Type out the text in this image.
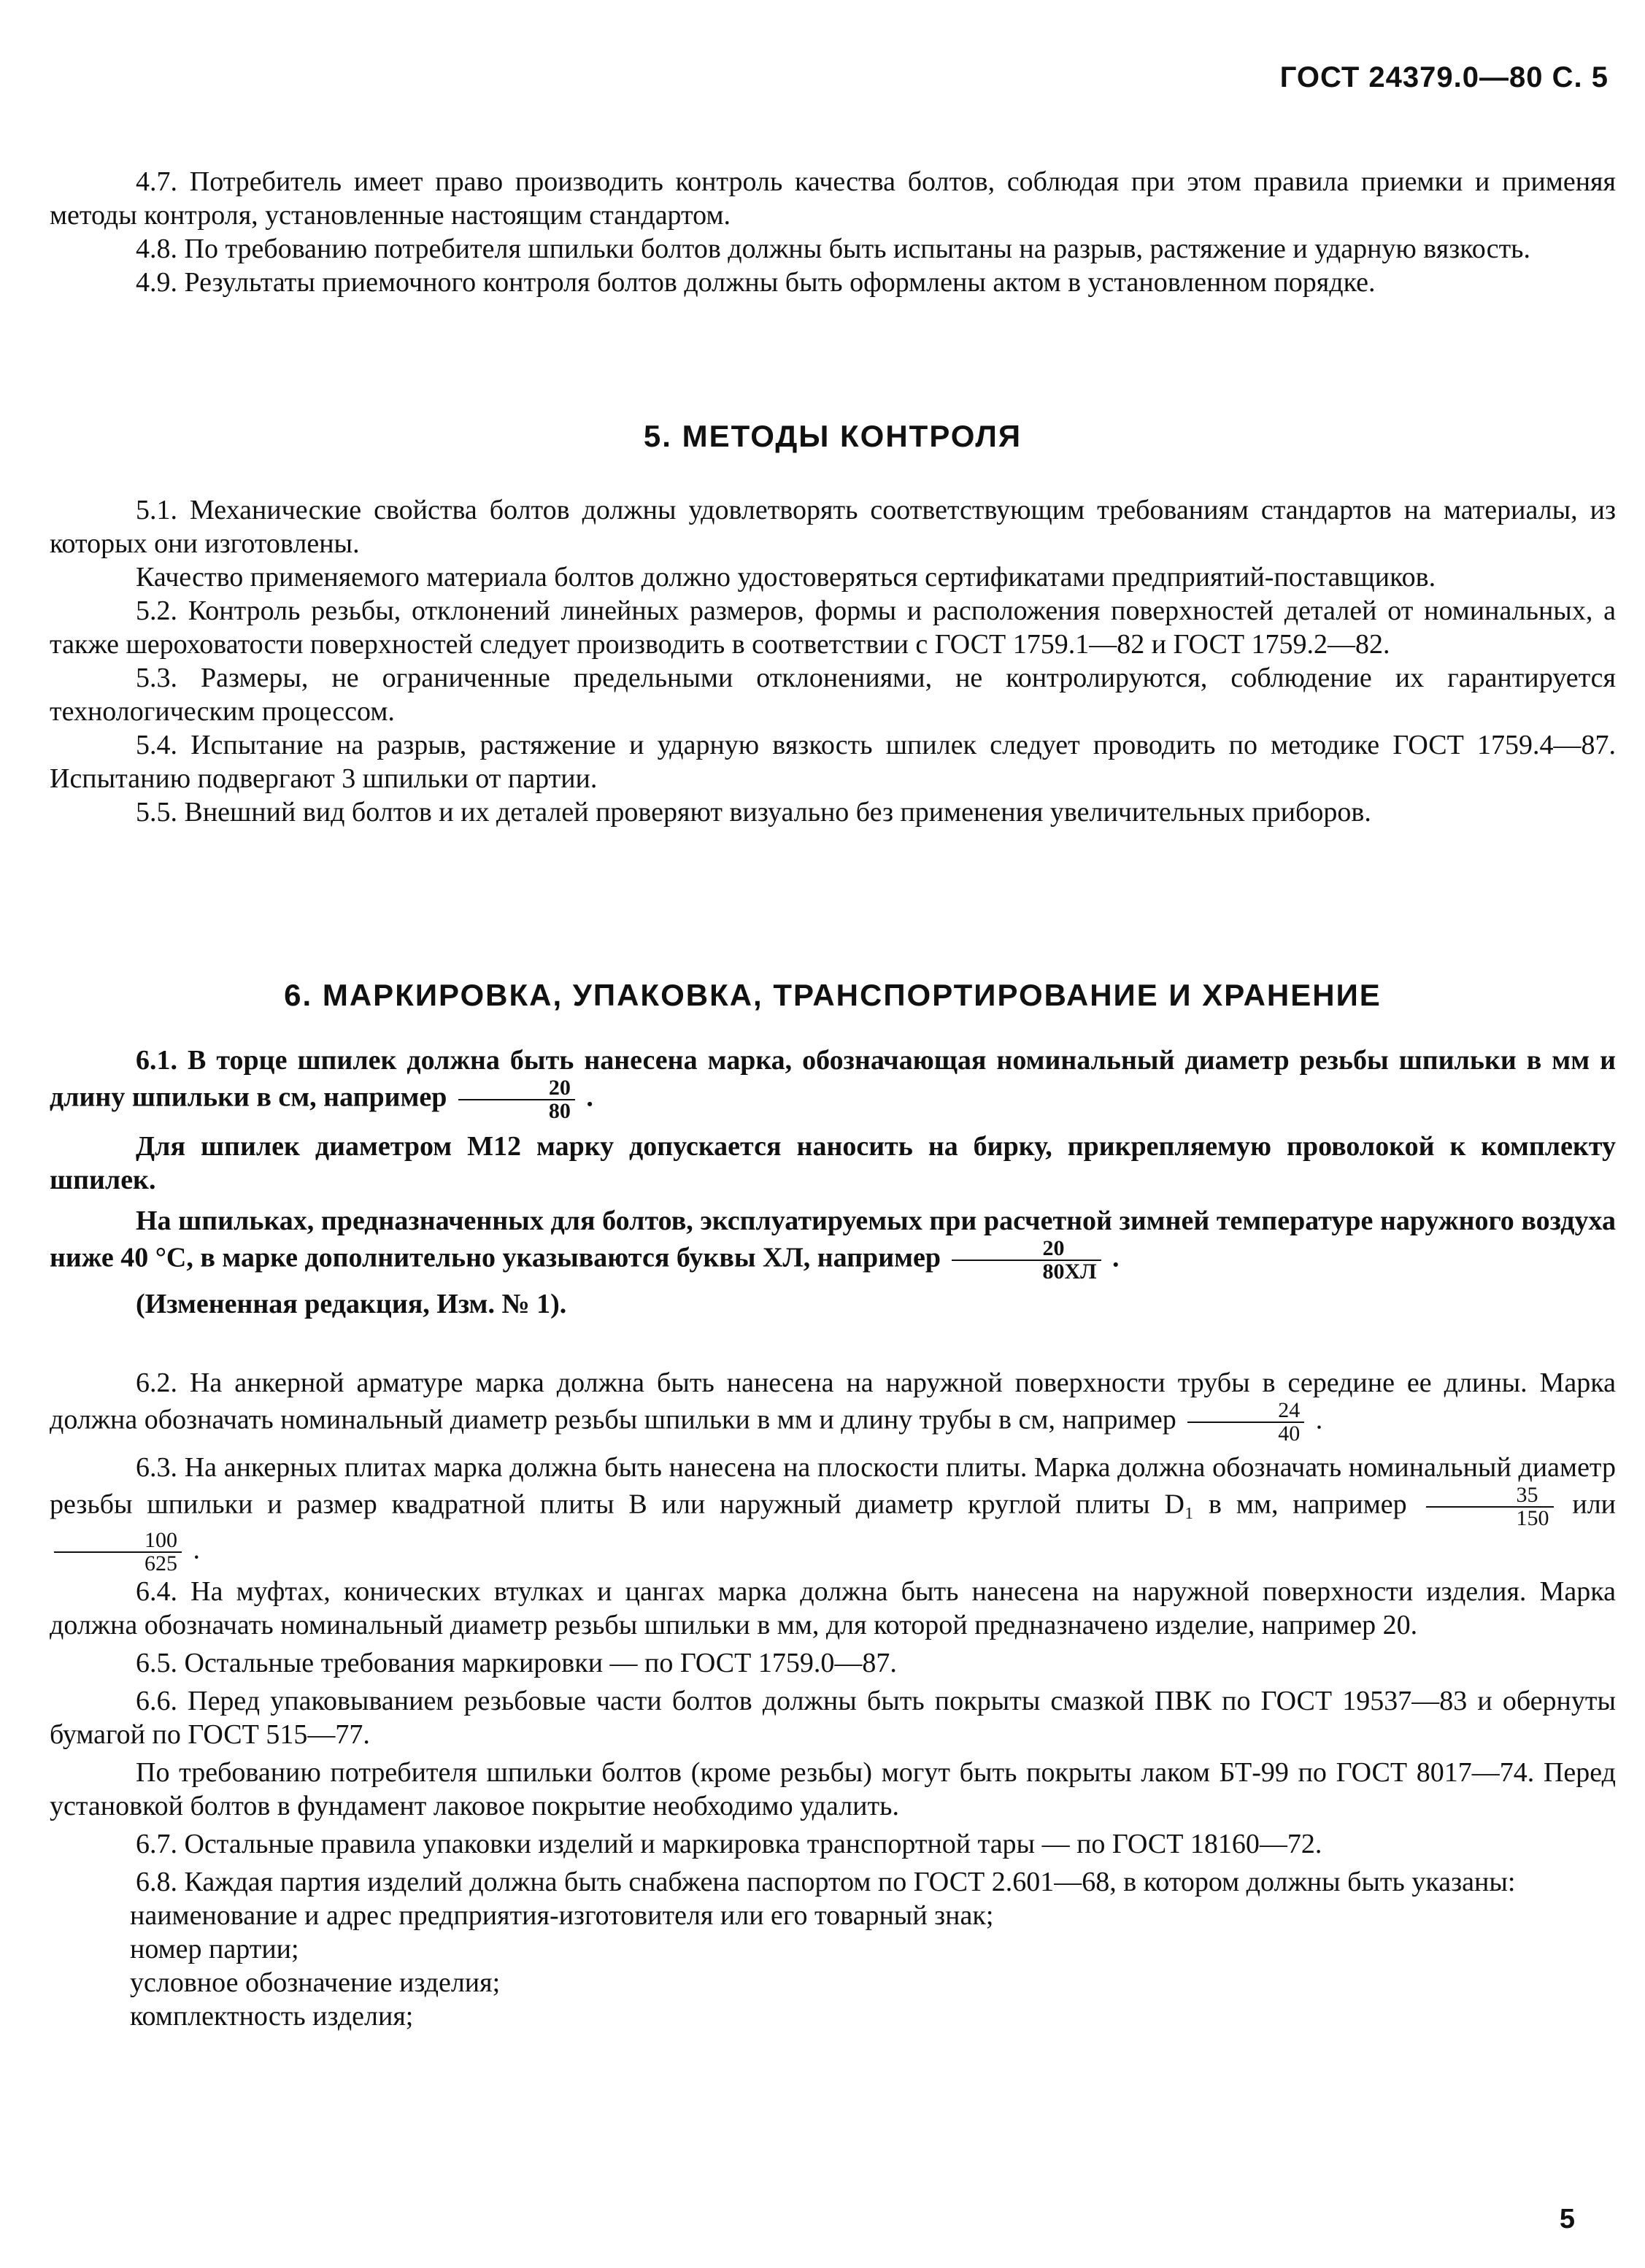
ГОСТ 24379.0—80 С. 5

4.7. Потребитель имеет право производить контроль качества болтов, соблюдая при этом правила приемки и применяя методы контроля, установленные настоящим стандартом.

4.8. По требованию потребителя шпильки болтов должны быть испытаны на разрыв, растяжение и ударную вязкость.

4.9. Результаты приемочного контроля болтов должны быть оформлены актом в установленном порядке.

5. МЕТОДЫ КОНТРОЛЯ

5.1. Механические свойства болтов должны удовлетворять соответствующим требованиям стандартов на материалы, из которых они изготовлены.

Качество применяемого материала болтов должно удостоверяться сертификатами предприятий-поставщиков.

5.2. Контроль резьбы, отклонений линейных размеров, формы и расположения поверхностей деталей от номинальных, а также шероховатости поверхностей следует производить в соответствии с ГОСТ 1759.1—82 и ГОСТ 1759.2—82.

5.3. Размеры, не ограниченные предельными отклонениями, не контролируются, соблюдение их гарантируется технологическим процессом.

5.4. Испытание на разрыв, растяжение и ударную вязкость шпилек следует проводить по методике ГОСТ 1759.4—87. Испытанию подвергают 3 шпильки от партии.

5.5. Внешний вид болтов и их деталей проверяют визуально без применения увеличительных приборов.

6. МАРКИРОВКА, УПАКОВКА, ТРАНСПОРТИРОВАНИЕ И ХРАНЕНИЕ

6.1. В торце шпилек должна быть нанесена марка, обозначающая номинальный диаметр резьбы шпильки в мм и длину шпильки в см, например $\frac{20}{80}$ .

Для шпилек диаметром М12 марку допускается наносить на бирку, прикрепляемую проволокой к комплекту шпилек.

На шпильках, предназначенных для болтов, эксплуатируемых при расчетной зимней температуре наружного воздуха ниже 40 °С, в марке дополнительно указываются буквы ХЛ, например $\frac{20}{80ХЛ}$ .

(Измененная редакция, Изм. № 1).

6.2. На анкерной арматуре марка должна быть нанесена на наружной поверхности трубы в середине ее длины. Марка должна обозначать номинальный диаметр резьбы шпильки в мм и длину трубы в см, например $\frac{24}{40}$ .

6.3. На анкерных плитах марка должна быть нанесена на плоскости плиты. Марка должна обозначать номинальный диаметр резьбы шпильки и размер квадратной плиты В или наружный диаметр круглой плиты D₁ в мм, например $\frac{35}{150}$ или
$\frac{100}{625}$ .

6.4. На муфтах, конических втулках и цангах марка должна быть нанесена на наружной поверхности изделия. Марка должна обозначать номинальный диаметр резьбы шпильки в мм, для которой предназначено изделие, например 20.

6.5. Остальные требования маркировки — по ГОСТ 1759.0—87.

6.6. Перед упаковыванием резьбовые части болтов должны быть покрыты смазкой ПВК по ГОСТ 19537—83 и обернуты бумагой по ГОСТ 515—77.

По требованию потребителя шпильки болтов (кроме резьбы) могут быть покрыты лаком БТ-99 по ГОСТ 8017—74. Перед установкой болтов в фундамент лаковое покрытие необходимо удалить.

6.7. Остальные правила упаковки изделий и маркировка транспортной тары — по ГОСТ 18160—72.

6.8. Каждая партия изделий должна быть снабжена паспортом по ГОСТ 2.601—68, в котором должны быть указаны:

наименование и адрес предприятия-изготовителя или его товарный знак;

номер партии;

условное обозначение изделия;

комплектность изделия;

5
